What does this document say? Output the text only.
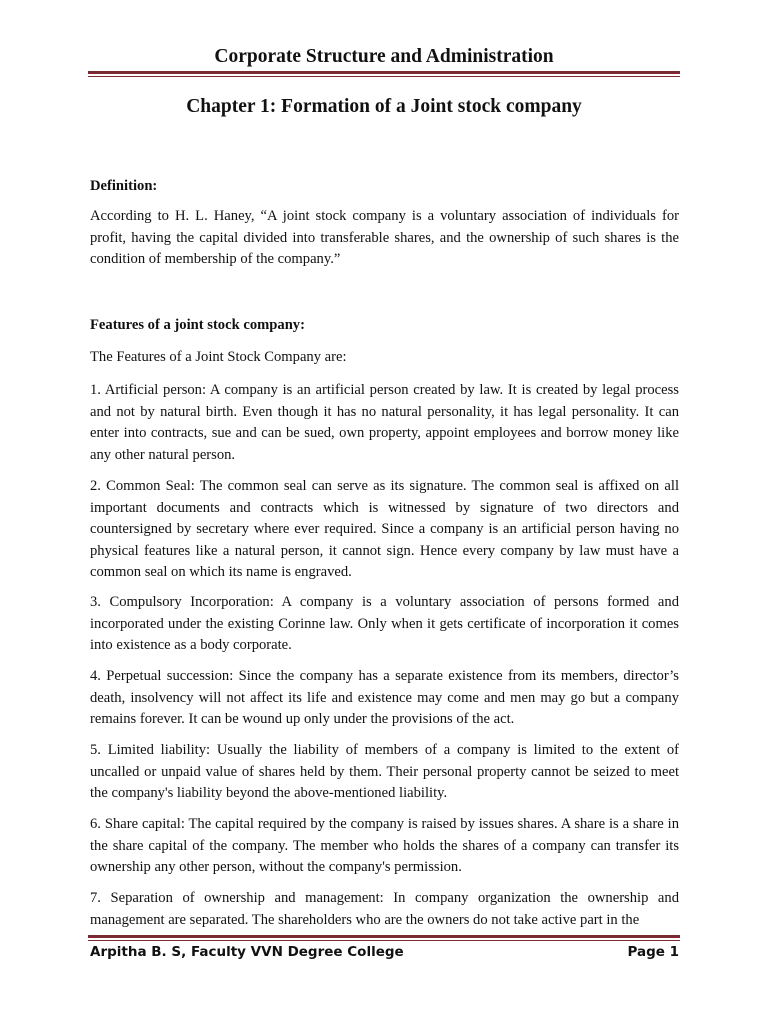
Corporate Structure and Administration
Chapter 1: Formation of a Joint stock company

Definition:

According to H. L. Haney, “A joint stock company is a voluntary association of individuals for profit, having the capital divided into transferable shares, and the ownership of such shares is the condition of membership of the company.”

Features of a joint stock company:

The Features of a Joint Stock Company are:

1. Artificial person: A company is an artificial person created by law. It is created by legal process and not by natural birth. Even though it has no natural personality, it has legal personality. It can enter into contracts, sue and can be sued, own property, appoint employees and borrow money like any other natural person.

2. Common Seal: The common seal can serve as its signature. The common seal is affixed on all important documents and contracts which is witnessed by signature of two directors and countersigned by secretary where ever required. Since a company is an artificial person having no physical features like a natural person, it cannot sign. Hence every company by law must have a common seal on which its name is engraved.

3. Compulsory Incorporation: A company is a voluntary association of persons formed and incorporated under the existing Corinne law. Only when it gets certificate of incorporation it comes into existence as a body corporate.

4. Perpetual succession: Since the company has a separate existence from its members, director’s death, insolvency will not affect its life and existence may come and men may go but a company remains forever. It can be wound up only under the provisions of the act.

5. Limited liability: Usually the liability of members of a company is limited to the extent of uncalled or unpaid value of shares held by them. Their personal property cannot be seized to meet the company's liability beyond the above-mentioned liability.

6. Share capital: The capital required by the company is raised by issues shares. A share is a share in the share capital of the company. The member who holds the shares of a company can transfer its ownership any other person, without the company's permission.

7. Separation of ownership and management: In company organization the ownership and management are separated. The shareholders who are the owners do not take active part in the

Arpitha B. S, Faculty VVN Degree College	Page 1
